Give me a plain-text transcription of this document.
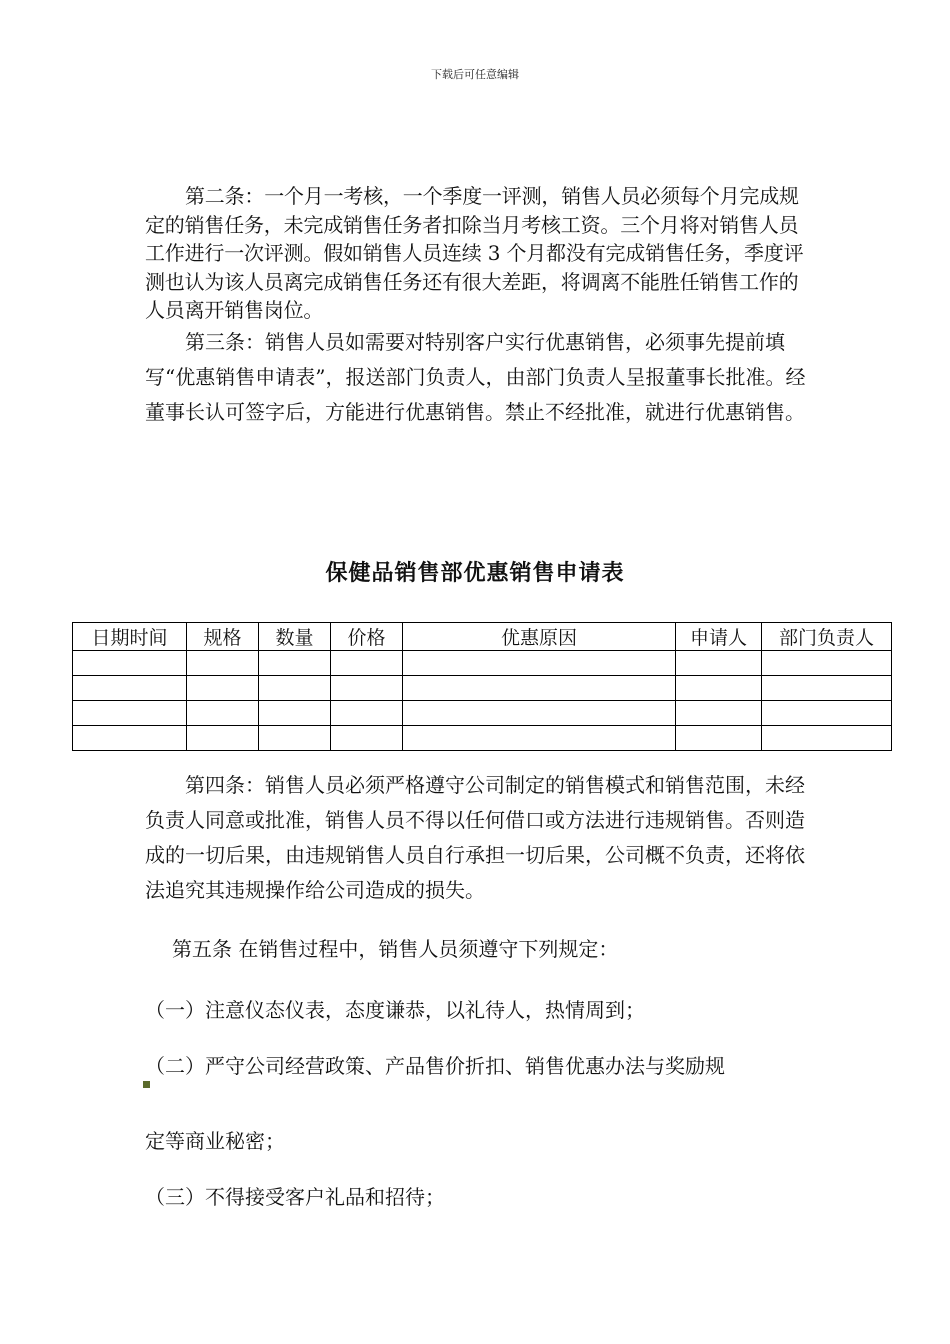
下载后可任意编辑

第二条：一个月一考核，一个季度一评测，销售人员必须每个月完成规定的销售任务，未完成销售任务者扣除当月考核工资。三个月将对销售人员工作进行一次评测。假如销售人员连续 3 个月都没有完成销售任务，季度评测也认为该人员离完成销售任务还有很大差距，将调离不能胜任销售工作的人员离开销售岗位。

第三条：销售人员如需要对特别客户实行优惠销售，必须事先提前填写“优惠销售申请表”，报送部门负责人，由部门负责人呈报董事长批准。经董事长认可签字后，方能进行优惠销售。禁止不经批准，就进行优惠销售。

保健品销售部优惠销售申请表
日期时间	规格	数量	价格	优惠原因	申请人	部门负责人

第四条：销售人员必须严格遵守公司制定的销售模式和销售范围，未经负责人同意或批准，销售人员不得以任何借口或方法进行违规销售。否则造成的一切后果，由违规销售人员自行承担一切后果，公司概不负责，还将依法追究其违规操作给公司造成的损失。

第五条 在销售过程中，销售人员须遵守下列规定：

（一）注意仪态仪表，态度谦恭，以礼待人，热情周到；

（二）严守公司经营政策、产品售价折扣、销售优惠办法与奖励规

定等商业秘密；

（三）不得接受客户礼品和招待；
